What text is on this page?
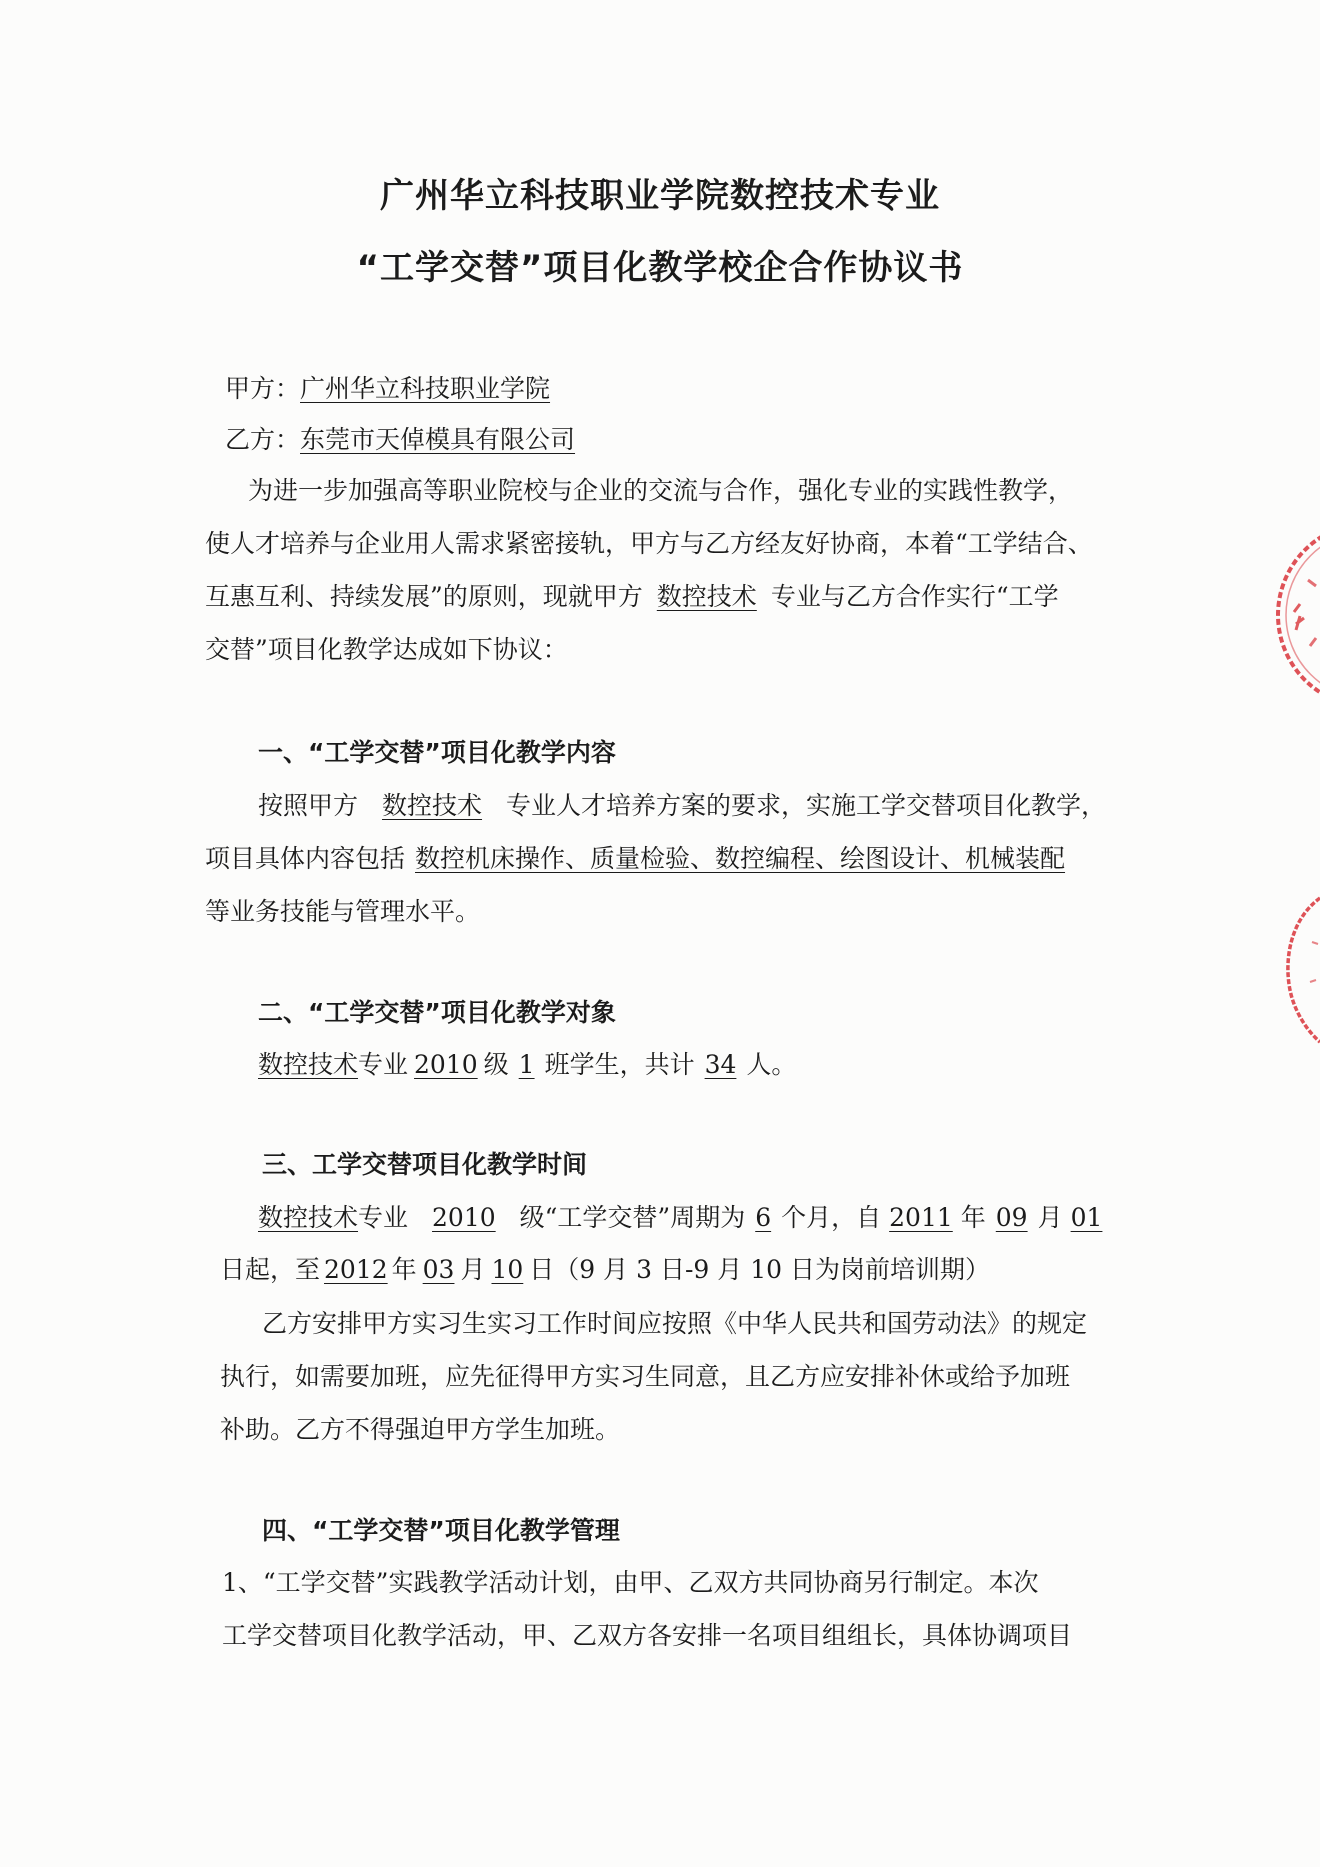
广州华立科技职业学院数控技术专业
“工学交替”项目化教学校企合作协议书
甲方：广州华立科技职业学院
乙方：东莞市天倬模具有限公司
为进一步加强高等职业院校与企业的交流与合作，强化专业的实践性教学，
使人才培养与企业用人需求紧密接轨，甲方与乙方经友好协商，本着“工学结合、
互惠互利、持续发展”的原则，现就甲方 数控技术 专业与乙方合作实行“工学
交替”项目化教学达成如下协议：
一、“工学交替”项目化教学内容
按照甲方 数控技术 专业人才培养方案的要求，实施工学交替项目化教学，
项目具体内容包括 数控机床操作、质量检验、数控编程、绘图设计、机械装配
等业务技能与管理水平。
二、“工学交替”项目化教学对象
数控技术专业 2010 级 1 班学生，共计 34 人。
三、工学交替项目化教学时间
数控技术专业 2010 级“工学交替”周期为 6 个月，自 2011 年 09 月 01
日起，至 2012 年 03 月 10 日（9 月 3 日-9 月 10 日为岗前培训期）
乙方安排甲方实习生实习工作时间应按照《中华人民共和国劳动法》的规定
执行，如需要加班，应先征得甲方实习生同意，且乙方应安排补休或给予加班
补助。乙方不得强迫甲方学生加班。
四、“工学交替”项目化教学管理
1、“工学交替”实践教学活动计划，由甲、乙双方共同协商另行制定。本次
工学交替项目化教学活动，甲、乙双方各安排一名项目组组长，具体协调项目
